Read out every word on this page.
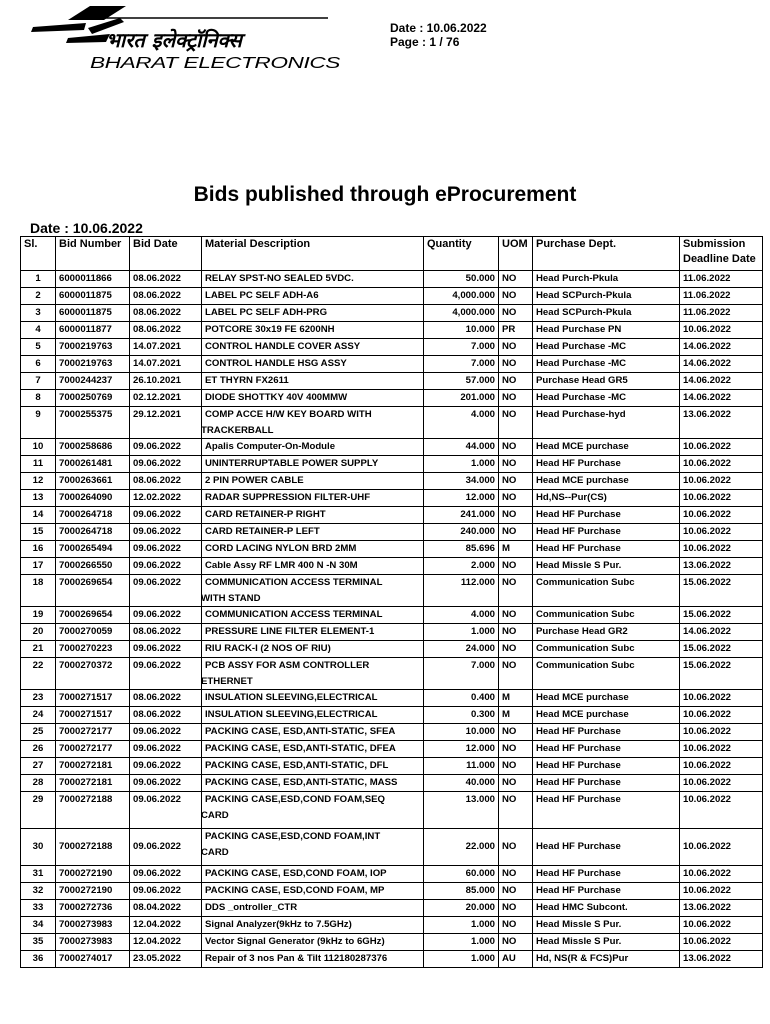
भारत इलेक्ट्रॉनिक्स
BHARAT ELECTRONICS
Date : 10.06.2022
Page : 1 / 76
Bids published through eProcurement
Date : 10.06.2022
Sl.	Bid Number	Bid Date	Material Description	Quantity	UOM	Purchase Dept.	Submission Deadline Date
1	6000011866	08.06.2022	RELAY SPST-NO SEALED 5VDC.	50.000	NO	Head Purch-Pkula	11.06.2022
2	6000011875	08.06.2022	LABEL PC SELF ADH-A6	4,000.000	NO	Head SCPurch-Pkula	11.06.2022
3	6000011875	08.06.2022	LABEL PC SELF ADH-PRG	4,000.000	NO	Head SCPurch-Pkula	11.06.2022
4	6000011877	08.06.2022	POTCORE 30x19 FE 6200NH	10.000	PR	Head Purchase PN	10.06.2022
5	7000219763	14.07.2021	CONTROL HANDLE COVER ASSY	7.000	NO	Head Purchase -MC	14.06.2022
6	7000219763	14.07.2021	CONTROL HANDLE HSG ASSY	7.000	NO	Head Purchase -MC	14.06.2022
7	7000244237	26.10.2021	ET THYRN FX2611	57.000	NO	Purchase Head GR5	14.06.2022
8	7000250769	02.12.2021	DIODE SHOTTKY 40V 400MMW	201.000	NO	Head Purchase -MC	14.06.2022
9	7000255375	29.12.2021	COMP ACCE H/W KEY BOARD WITH
TRACKERBALL	4.000	NO	Head Purchase-hyd	13.06.2022
10	7000258686	09.06.2022	Apalis Computer-On-Module	44.000	NO	Head MCE purchase	10.06.2022
11	7000261481	09.06.2022	UNINTERRUPTABLE POWER SUPPLY	1.000	NO	Head HF Purchase	10.06.2022
12	7000263661	08.06.2022	2 PIN POWER CABLE	34.000	NO	Head MCE purchase	10.06.2022
13	7000264090	12.02.2022	RADAR SUPPRESSION FILTER-UHF	12.000	NO	Hd,NS--Pur(CS)	10.06.2022
14	7000264718	09.06.2022	CARD RETAINER-P RIGHT	241.000	NO	Head HF Purchase	10.06.2022
15	7000264718	09.06.2022	CARD RETAINER-P LEFT	240.000	NO	Head HF Purchase	10.06.2022
16	7000265494	09.06.2022	CORD LACING NYLON BRD 2MM	85.696	M	Head HF Purchase	10.06.2022
17	7000266550	09.06.2022	Cable Assy RF LMR 400 N -N 30M	2.000	NO	Head Missle S Pur.	13.06.2022
18	7000269654	09.06.2022	COMMUNICATION ACCESS TERMINAL
WITH STAND	112.000	NO	Communication Subc	15.06.2022
19	7000269654	09.06.2022	COMMUNICATION ACCESS TERMINAL	4.000	NO	Communication Subc	15.06.2022
20	7000270059	08.06.2022	PRESSURE LINE FILTER ELEMENT-1	1.000	NO	Purchase Head GR2	14.06.2022
21	7000270223	09.06.2022	RIU RACK-I (2 NOS OF RIU)	24.000	NO	Communication Subc	15.06.2022
22	7000270372	09.06.2022	PCB ASSY FOR ASM CONTROLLER
ETHERNET	7.000	NO	Communication Subc	15.06.2022
23	7000271517	08.06.2022	INSULATION SLEEVING,ELECTRICAL	0.400	M	Head MCE purchase	10.06.2022
24	7000271517	08.06.2022	INSULATION SLEEVING,ELECTRICAL	0.300	M	Head MCE purchase	10.06.2022
25	7000272177	09.06.2022	PACKING CASE, ESD,ANTI-STATIC, SFEA	10.000	NO	Head HF Purchase	10.06.2022
26	7000272177	09.06.2022	PACKING CASE, ESD,ANTI-STATIC, DFEA	12.000	NO	Head HF Purchase	10.06.2022
27	7000272181	09.06.2022	PACKING CASE, ESD,ANTI-STATIC, DFL	11.000	NO	Head HF Purchase	10.06.2022
28	7000272181	09.06.2022	PACKING CASE, ESD,ANTI-STATIC, MASS	40.000	NO	Head HF Purchase	10.06.2022
29	7000272188	09.06.2022	PACKING CASE,ESD,COND FOAM,SEQ
CARD	13.000	NO	Head HF Purchase	10.06.2022
30	7000272188	09.06.2022	PACKING CASE,ESD,COND FOAM,INT
CARD	22.000	NO	Head HF Purchase	10.06.2022
31	7000272190	09.06.2022	PACKING CASE, ESD,COND FOAM, IOP	60.000	NO	Head HF Purchase	10.06.2022
32	7000272190	09.06.2022	PACKING CASE, ESD,COND FOAM, MP	85.000	NO	Head HF Purchase	10.06.2022
33	7000272736	08.04.2022	DDS _ontroller_CTR	20.000	NO	Head HMC Subcont.	13.06.2022
34	7000273983	12.04.2022	Signal Analyzer(9kHz to 7.5GHz)	1.000	NO	Head Missle S Pur.	10.06.2022
35	7000273983	12.04.2022	Vector Signal Generator (9kHz to 6GHz)	1.000	NO	Head Missle S Pur.	10.06.2022
36	7000274017	23.05.2022	Repair of 3 nos Pan & Tilt 112180287376	1.000	AU	Hd, NS(R & FCS)Pur	13.06.2022
